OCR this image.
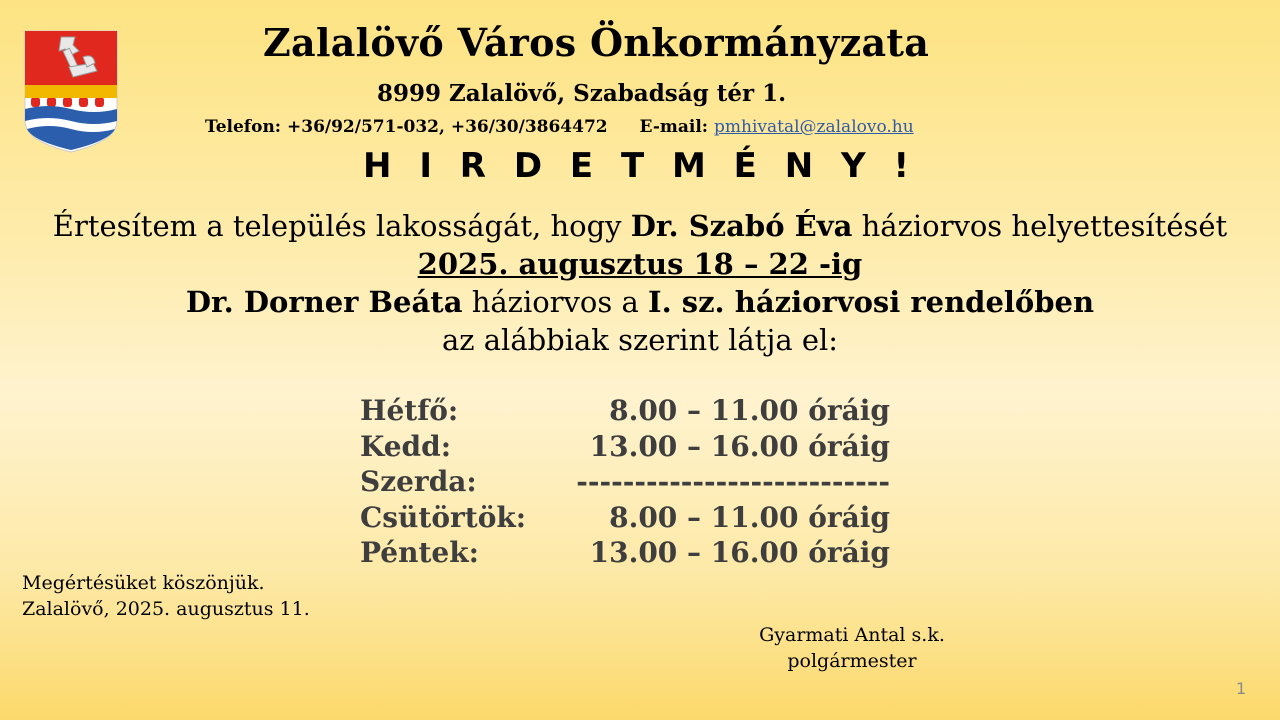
Zalalövő Város Önkormányzata
8999 Zalalövő, Szabadság tér 1.
Telefon: +36/92/571-032, +36/30/3864472 E-mail: pmhivatal@zalalovo.hu
H I R D E T M É N Y !
Értesítem a település lakosságát, hogy Dr. Szabó Éva háziorvos helyettesítését
2025. augusztus 18 – 22 -ig
Dr. Dorner Beáta háziorvos a I. sz. háziorvosi rendelőben
az alábbiak szerint látja el:
Hétfő:	8.00 – 11.00 óráig
Kedd:	13.00 – 16.00 óráig
Szerda:	---------------------------
Csütörtök:	8.00 – 11.00 óráig
Péntek:	13.00 – 16.00 óráig
Megértésüket köszönjük.
Zalalövő, 2025. augusztus 11.
Gyarmati Antal s.k.
polgármester
1
